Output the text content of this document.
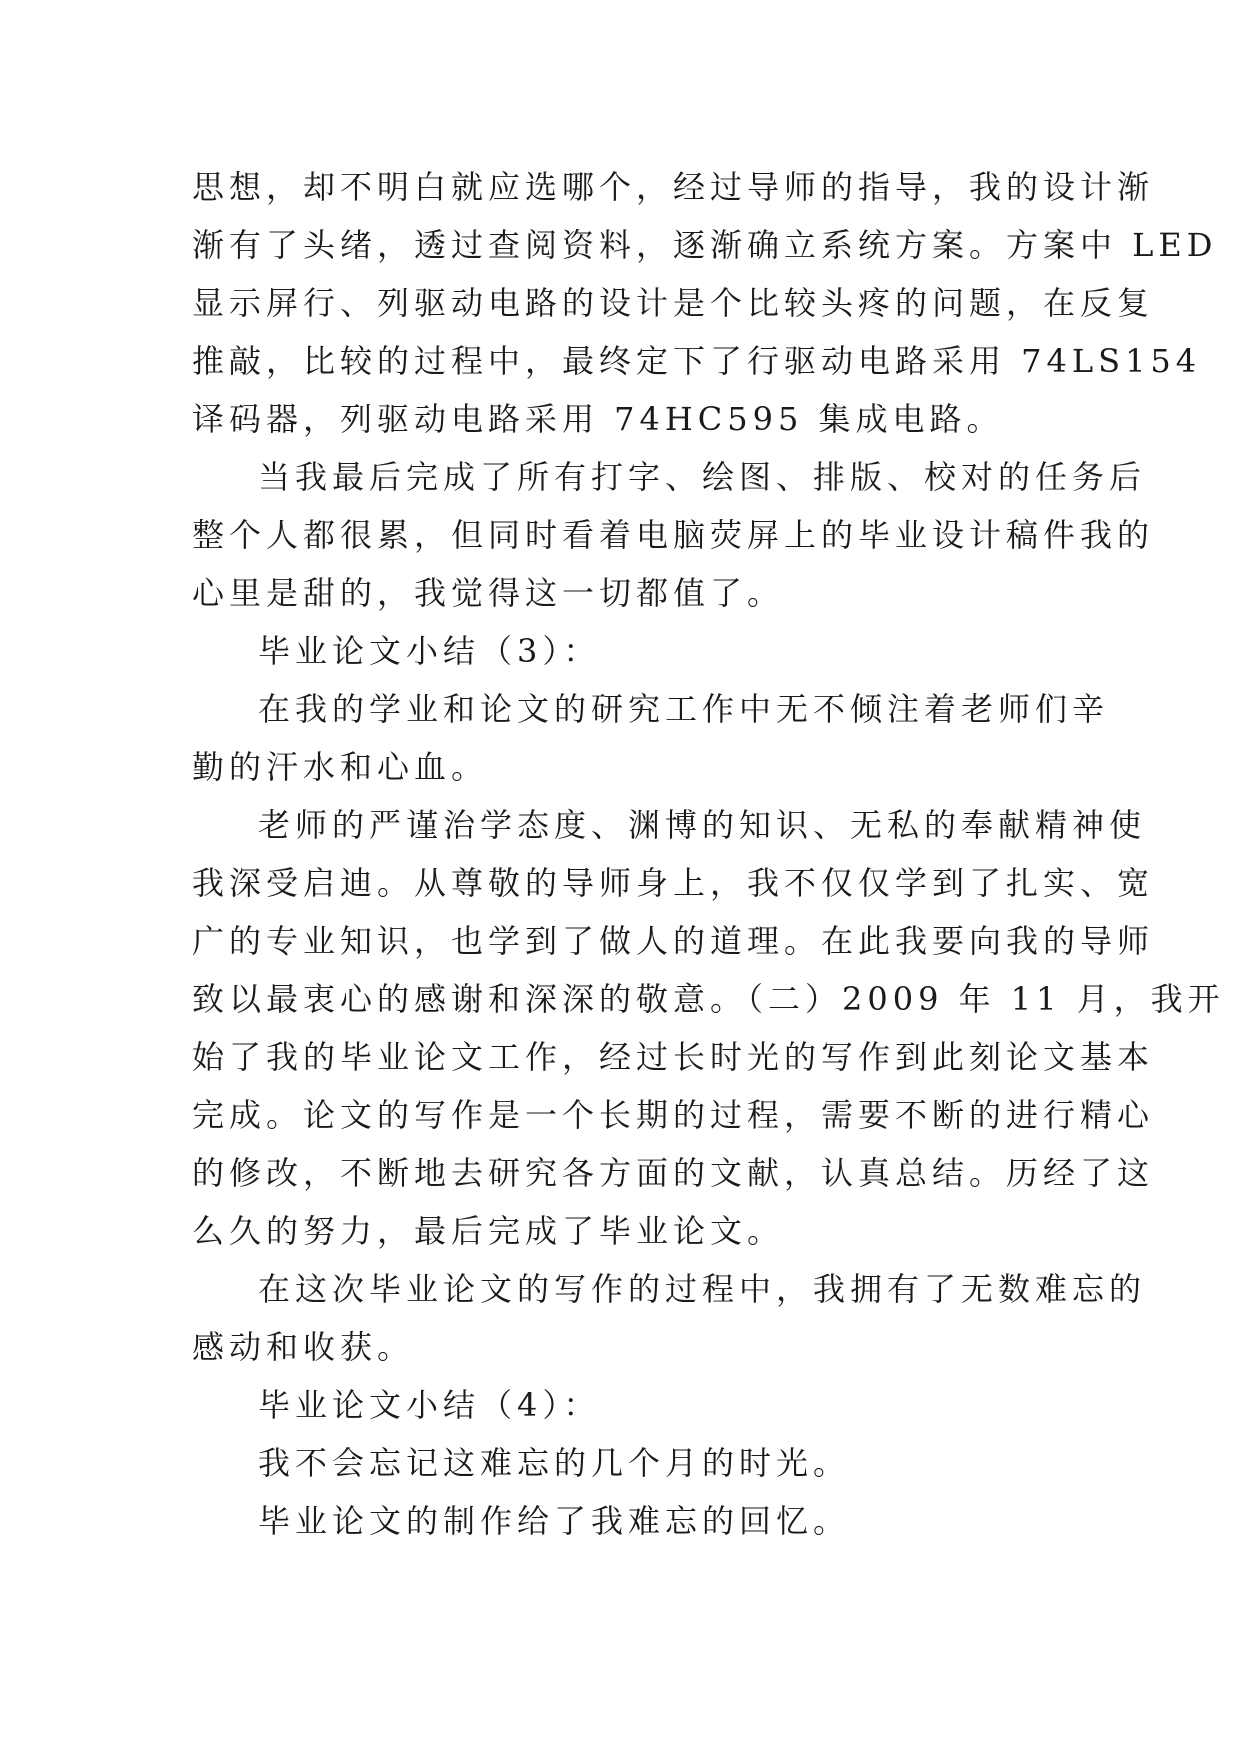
思想，却不明白就应选哪个，经过导师的指导，我的设计渐

渐有了头绪，透过查阅资料，逐渐确立系统方案。方案中 LED

显示屏行、列驱动电路的设计是个比较头疼的问题，在反复

推敲，比较的过程中，最终定下了行驱动电路采用 74LS154

译码器，列驱动电路采用 74HC595 集成电路。

当我最后完成了所有打字、绘图、排版、校对的任务后

整个人都很累，但同时看着电脑荧屏上的毕业设计稿件我的

心里是甜的，我觉得这一切都值了。

毕业论文小结（3）：

在我的学业和论文的研究工作中无不倾注着老师们辛

勤的汗水和心血。

老师的严谨治学态度、渊博的知识、无私的奉献精神使

我深受启迪。从尊敬的导师身上，我不仅仅学到了扎实、宽

广的专业知识，也学到了做人的道理。在此我要向我的导师

致以最衷心的感谢和深深的敬意。（二）2009 年 11 月，我开

始了我的毕业论文工作，经过长时光的写作到此刻论文基本

完成。论文的写作是一个长期的过程，需要不断的进行精心

的修改，不断地去研究各方面的文献，认真总结。历经了这

么久的努力，最后完成了毕业论文。

在这次毕业论文的写作的过程中，我拥有了无数难忘的

感动和收获。

毕业论文小结（4）：

我不会忘记这难忘的几个月的时光。

毕业论文的制作给了我难忘的回忆。
